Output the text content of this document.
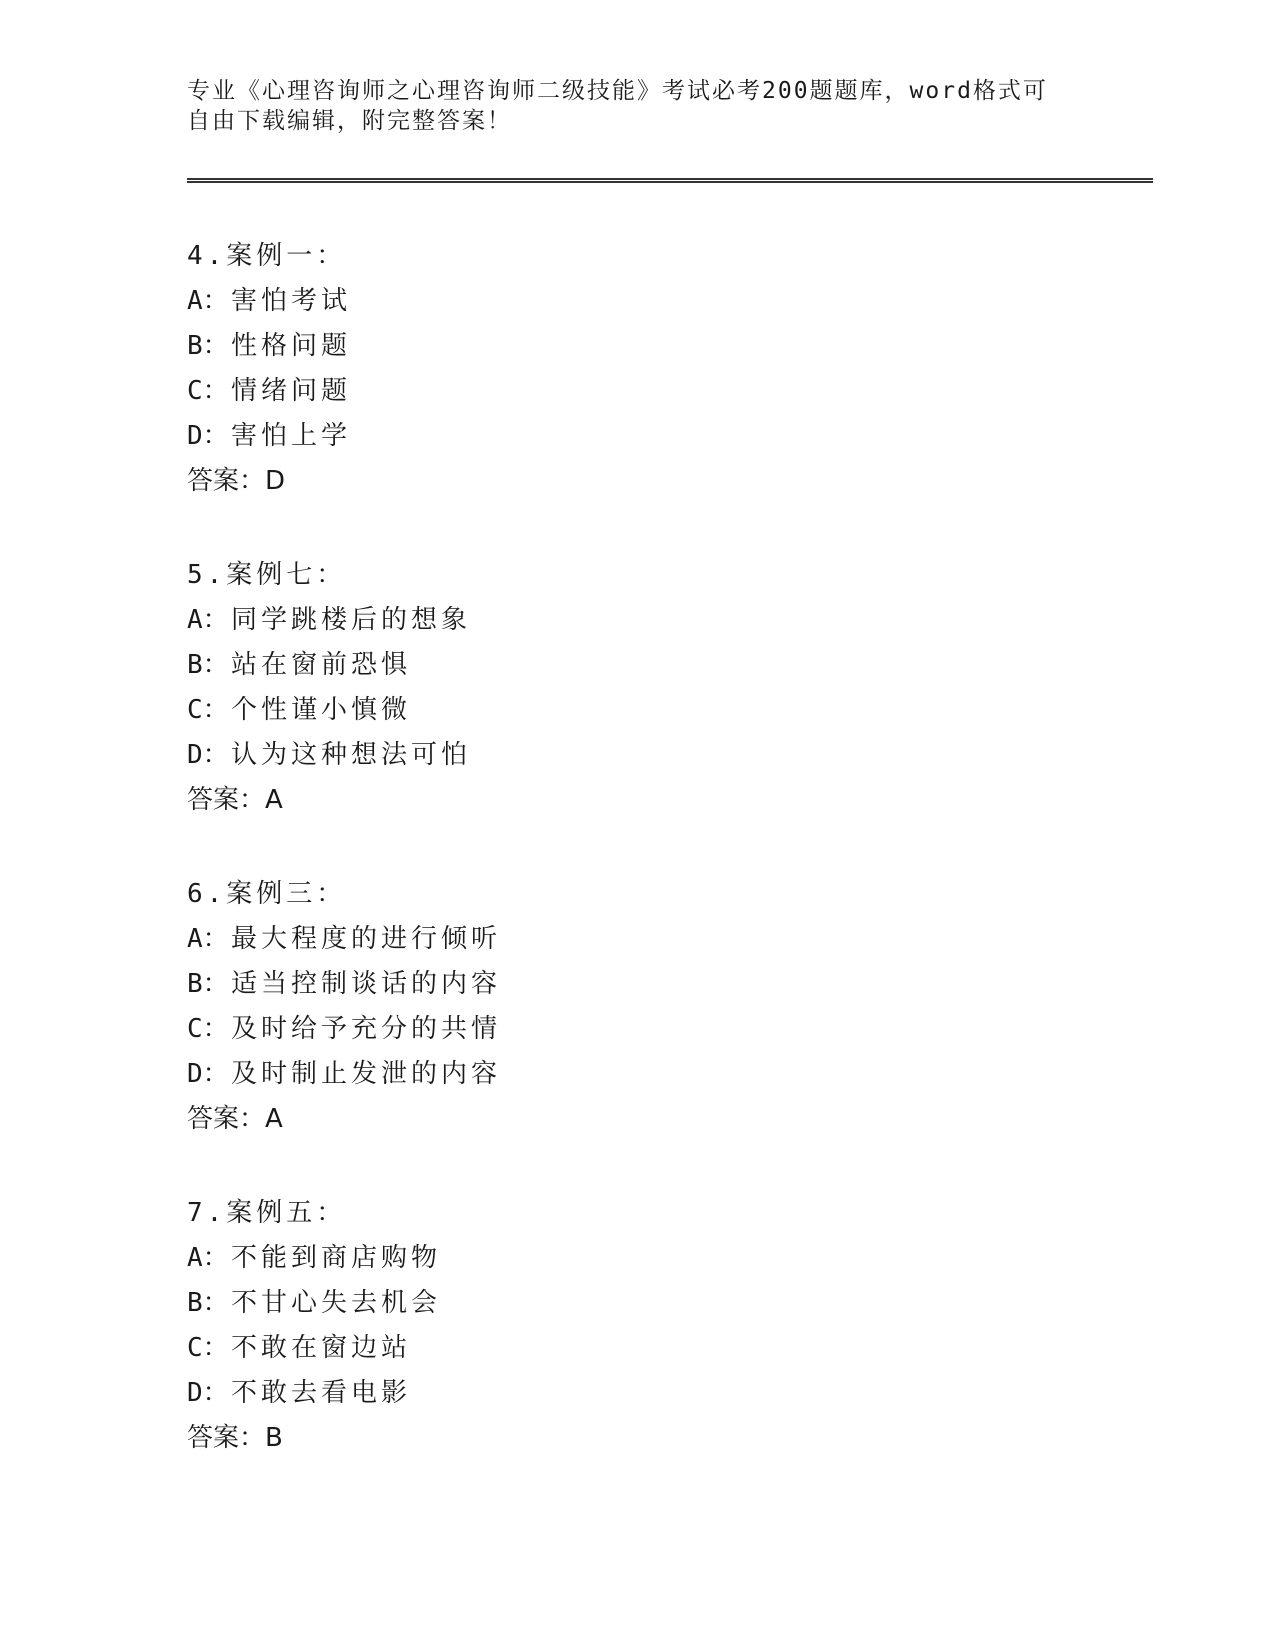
专业《心理咨询师之心理咨询师二级技能》考试必考200题题库，word格式可自由下载编辑，附完整答案！
4.案例一：
A：害怕考试
B：性格问题
C：情绪问题
D：害怕上学
答案：D
5.案例七：
A：同学跳楼后的想象
B：站在窗前恐惧
C：个性谨小慎微
D：认为这种想法可怕
答案：A
6.案例三：
A：最大程度的进行倾听
B：适当控制谈话的内容
C：及时给予充分的共情
D：及时制止发泄的内容
答案：A
7.案例五：
A：不能到商店购物
B：不甘心失去机会
C：不敢在窗边站
D：不敢去看电影
答案：B
